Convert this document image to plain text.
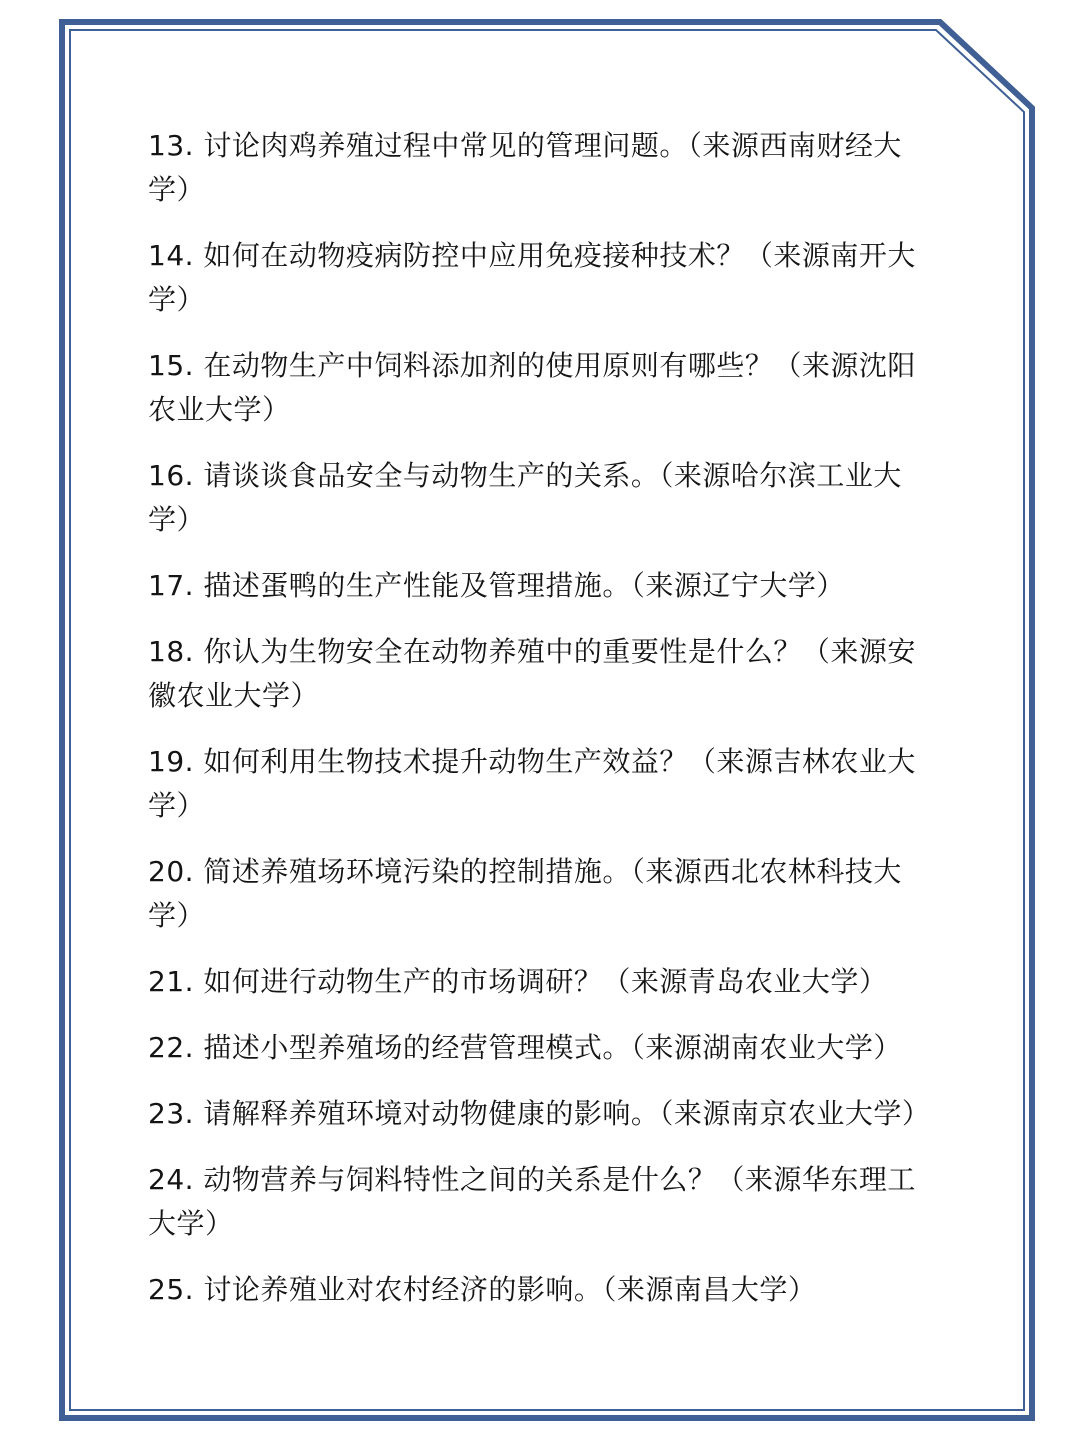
13. 讨论肉鸡养殖过程中常见的管理问题。（来源西南财经大学）

14. 如何在动物疫病防控中应用免疫接种技术？（来源南开大学）

15. 在动物生产中饲料添加剂的使用原则有哪些？（来源沈阳农业大学）

16. 请谈谈食品安全与动物生产的关系。（来源哈尔滨工业大学）

17. 描述蛋鸭的生产性能及管理措施。（来源辽宁大学）

18. 你认为生物安全在动物养殖中的重要性是什么？（来源安徽农业大学）

19. 如何利用生物技术提升动物生产效益？（来源吉林农业大学）

20. 简述养殖场环境污染的控制措施。（来源西北农林科技大学）

21. 如何进行动物生产的市场调研？（来源青岛农业大学）

22. 描述小型养殖场的经营管理模式。（来源湖南农业大学）

23. 请解释养殖环境对动物健康的影响。（来源南京农业大学）

24. 动物营养与饲料特性之间的关系是什么？（来源华东理工大学）

25. 讨论养殖业对农村经济的影响。（来源南昌大学）
